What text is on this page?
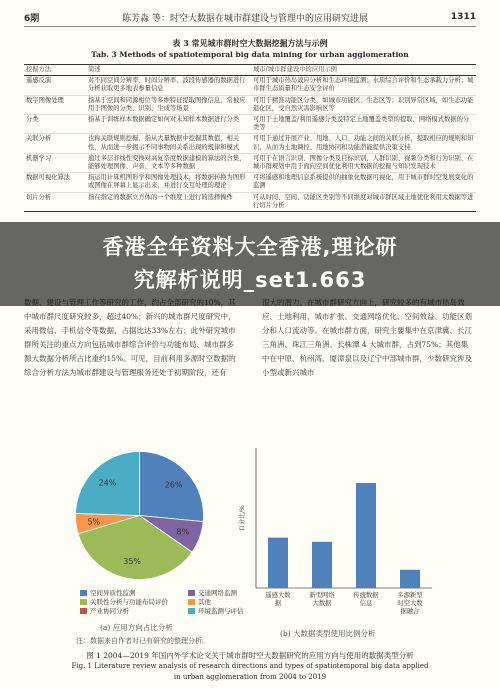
6期	陈芳淼 等：时空大数据在城市群建设与管理中的应用研究进展	1311
表 3 常见城市群时空大数据挖掘方法与示例
Tab. 3 Methods of spatiotemporal big data mining for urban agglomeration
挖掘方法	简述	城市/城市群建设中的应用示例
遥感反演	对不同空间分辨率、时间分辨率、波段传感器的数据进行分析获取更多地表参量信息	可用于城市热岛效应分析和生态环境监测；水质综合评价和生态承载力分析；城市群生态质量和生态安全评价
数字图像处理	指基于空间和同源相位等多维特征提取图像信息，常被应用于图像的分类、识别、生成等场景	可用于精准功能区分类，如城市功能区、生态区等；识别异常区域，如生态功能退化区，受自然灾害影响区等
分类	指基于训练样本数据确定如何对未知样本数据进行分类	可用于土地覆盖/利用遥感分类及特定土地覆盖类型的提取、网络模式数据的分类等
关联分析	也称关联规则挖掘，指从大量数据中挖掘其数值、相关性，从而进一步揭示不同事物间关系出现的规律和模式	可用于通过开展产业、用地、人口、功能之间的关联分析，提取相应的规则和知识，从而为土地调控、用地协同和功能潜能提供决策支持
机器学习	通过多层非线性变换对高复杂度数据建模的算法的合集，能够处理图像、声音、文本等多种数据	可用于在语言识别、图像分类及目标识别、人群识别、视频分类和行为识别、在城市群规划中用于面向空间优化利用大数据的挖掘与知识发现技术
数据可视化算法	指运用计算机图形学和图像处理技术，将数据转换为图形或图像在屏幕上显示出来，并进行交互处理的理论	可将遥感和地理信息系统提供的抽象化数据可视化，用于城市群时空发展变化的监测
切片分析	指在指定的数据立方体的一个维度上进行的选择操作	可从时间、空间、功能区类别等不同维度对城市群区域土地优化利用大数据等进行切片分析
中城市群尺度研究较多，超过40%；新兴的城市群尺度研究中，采用微信、手机信令等数据，占据比达33%左右；此外研究城市群所关注的重点方向包括城市群综合评价与功能布局、城市群多源大数据分析所占比重约15%。可见，目前利用多源时空数据的综合分析方法为城市群建设与管理服务还处于初期阶段，还有
应、土地利用、城市扩张、交通网络优化、空间效益、功能区划分和人口流动等。在城市群方面，研究主要集中在京津冀、长江三角洲、珠江三角洲、长株潭 4 大城市群，占到75%；其他集中在中原、杭州湾、厦漳泉以及辽宁中部城市群，少数研究涉及小型或新兴城市
香港全年资料大全香港,理论研
究解析说明_set1.663
26%
8%
35%
5%
24%
空间异质性监测	交通网络监测
关联性分析与功能布局评价	其他
产业协同分析	环境监测与评估
(a) 应用方向占比分析
注：数据来自作者对已有研究的整理分析。
百分比/%
遥感大数据
新型网络大数据
传统数据信息
多源新型时空大数据融合
(b) 大数据类型使用比例分析
图 1 2004—2019 年国内外学术论文关于城市群时空大数据研究的应用方向与使用的数据类型分析
Fig. 1 Literature review analysis of research directions and types of spatiotemporal big data applied
in urban agglomeration from 2004 to 2019
